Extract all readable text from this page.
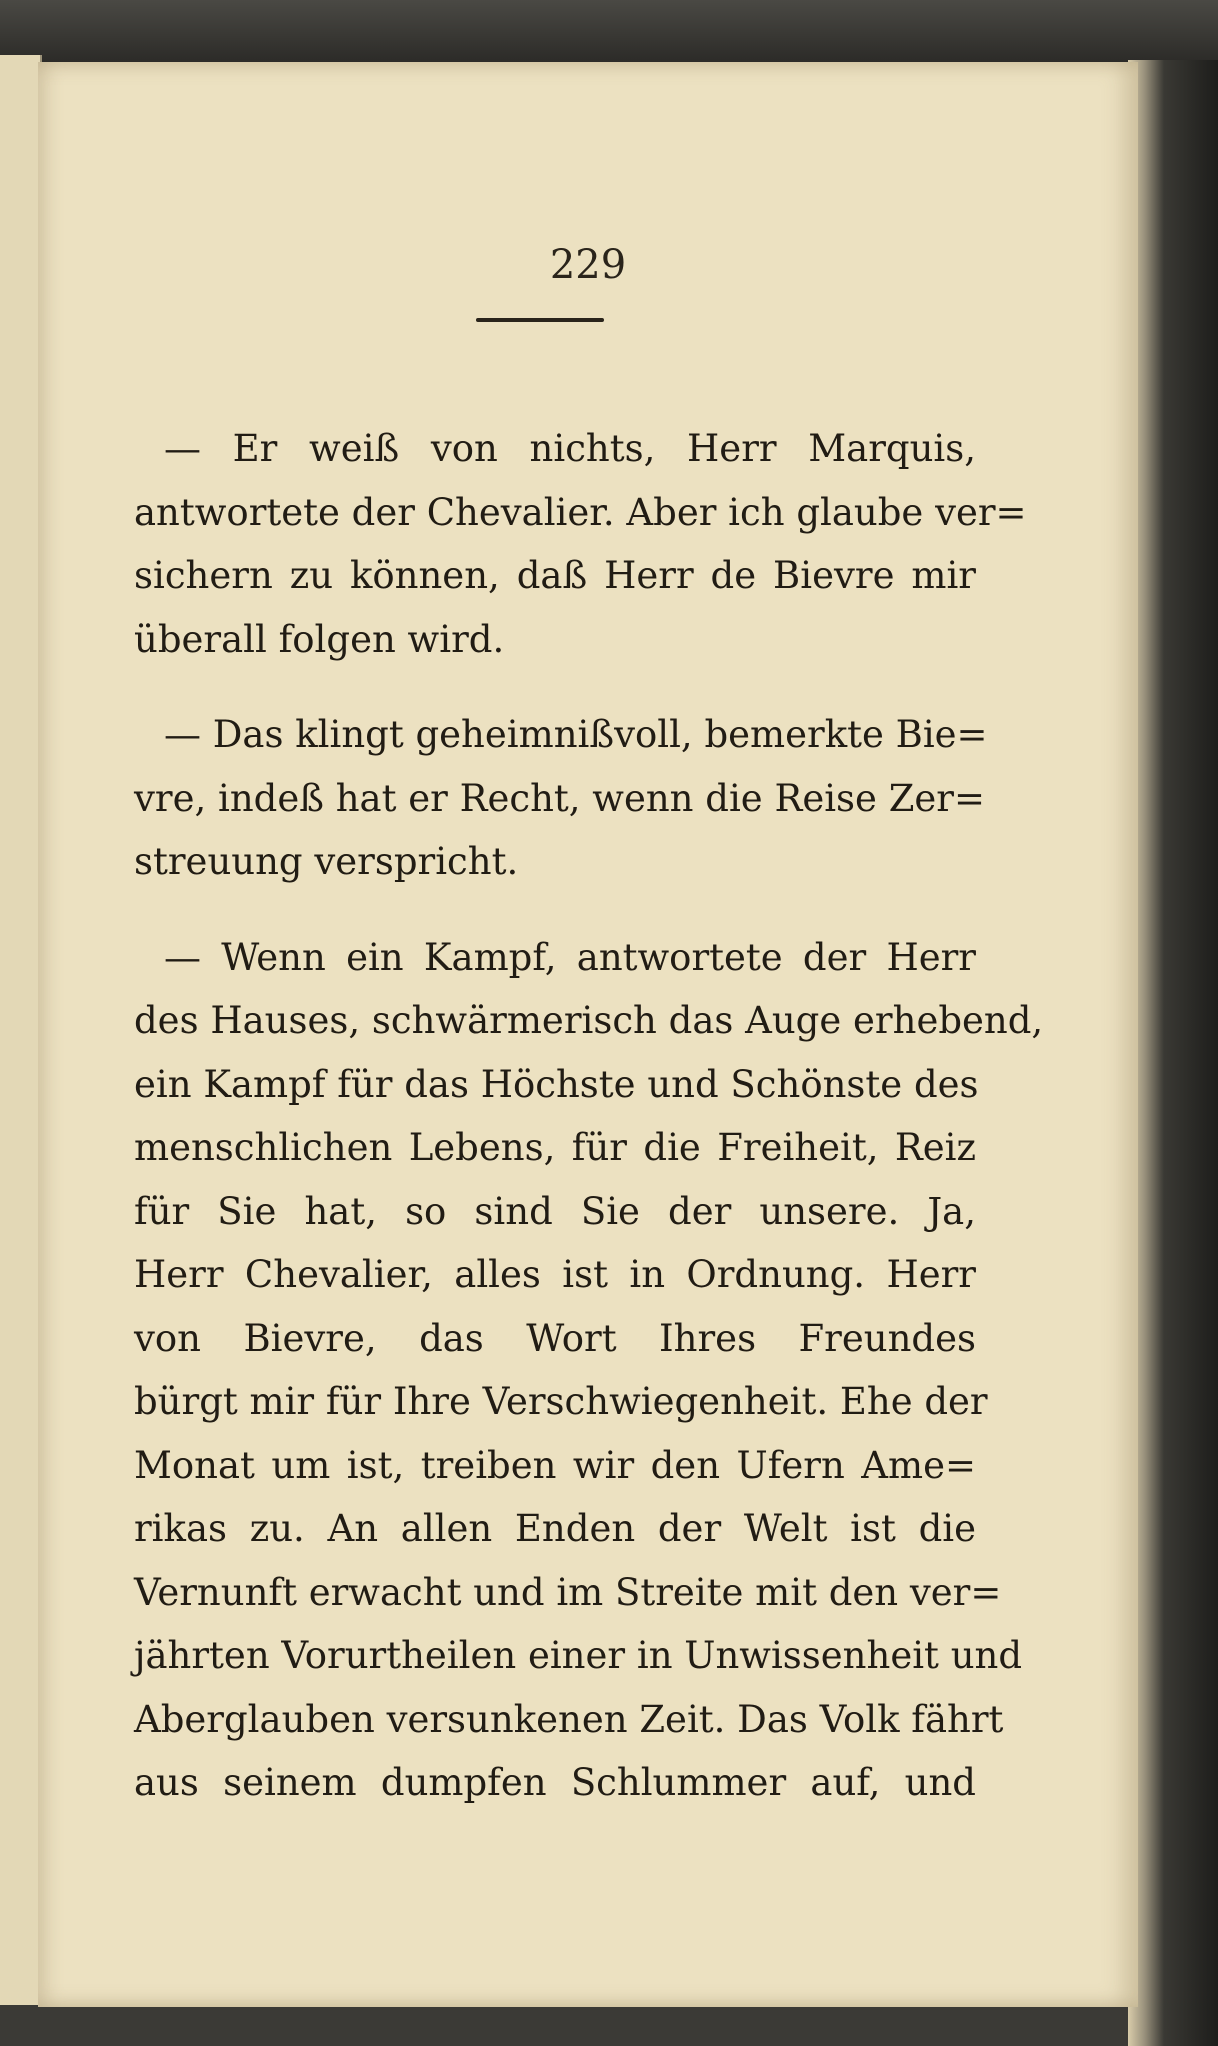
229
— Er weiß von nichts, Herr Marquis,
antwortete der Chevalier. Aber ich glaube ver=
sichern zu können, daß Herr de Bievre mir
überall folgen wird.
— Das klingt geheimnißvoll, bemerkte Bie=
vre, indeß hat er Recht, wenn die Reise Zer=
streuung verspricht.
— Wenn ein Kampf, antwortete der Herr
des Hauses, schwärmerisch das Auge erhebend,
ein Kampf für das Höchste und Schönste des
menschlichen Lebens, für die Freiheit, Reiz
für Sie hat, so sind Sie der unsere. Ja,
Herr Chevalier, alles ist in Ordnung. Herr
von Bievre, das Wort Ihres Freundes
bürgt mir für Ihre Verschwiegenheit. Ehe der
Monat um ist, treiben wir den Ufern Ame=
rikas zu. An allen Enden der Welt ist die
Vernunft erwacht und im Streite mit den ver=
jährten Vorurtheilen einer in Unwissenheit und
Aberglauben versunkenen Zeit. Das Volk fährt
aus seinem dumpfen Schlummer auf, und
